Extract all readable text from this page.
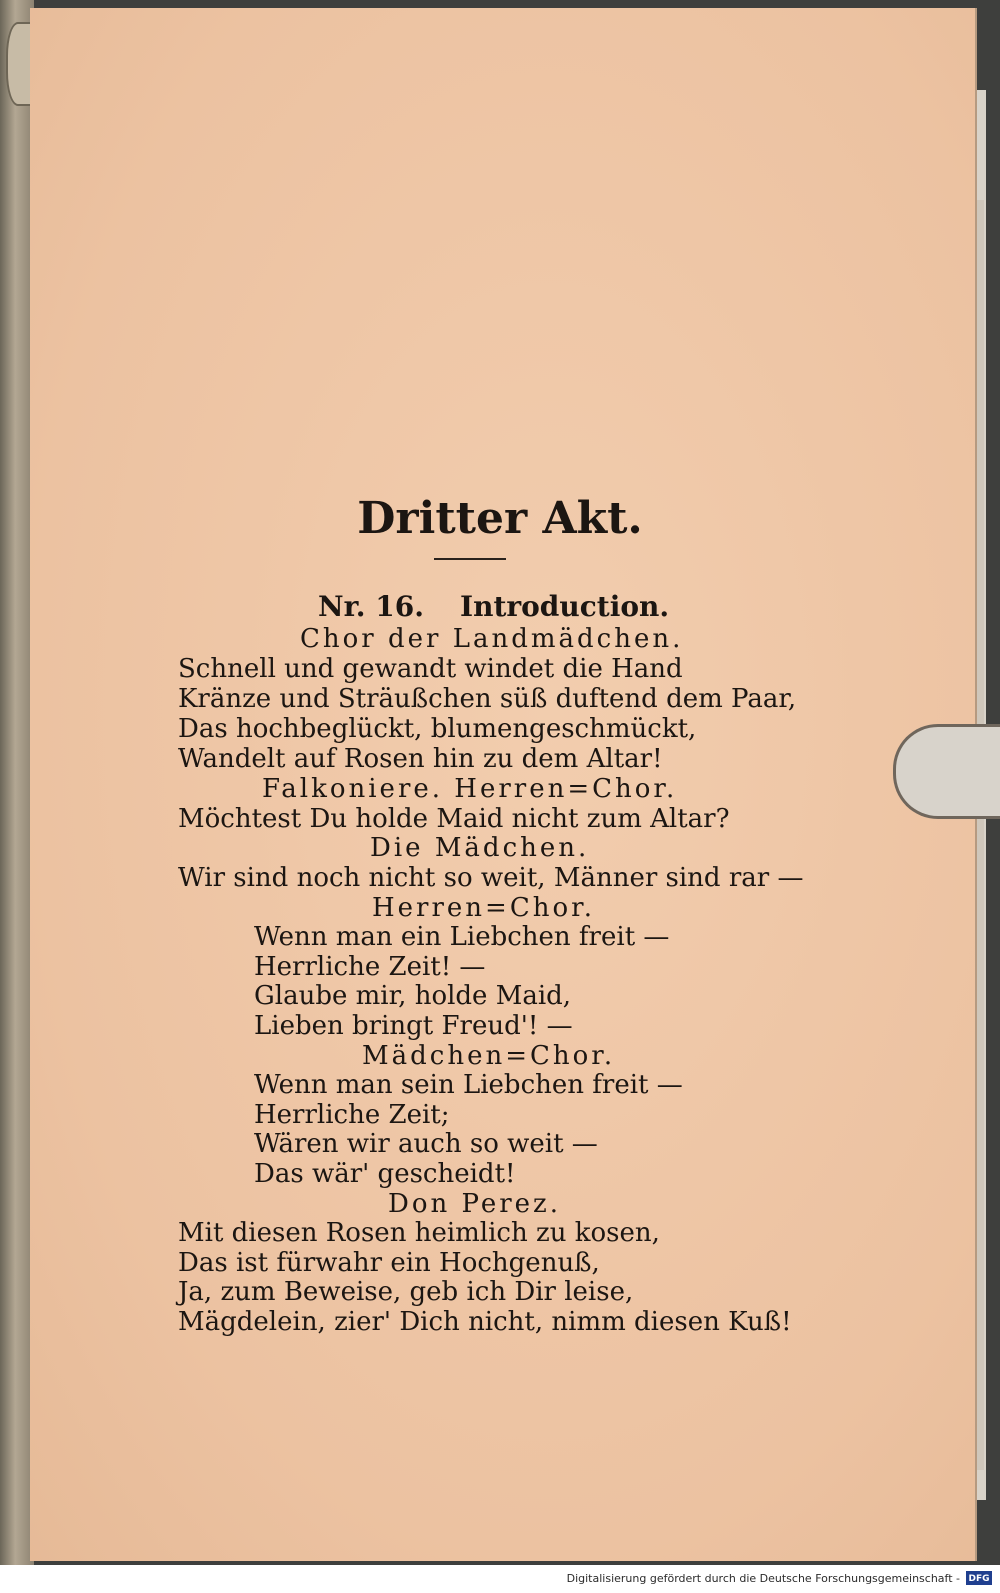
Dritter Akt.
Nr. 16. Introduction.
Chor der Landmädchen.
Schnell und gewandt windet die Hand
Kränze und Sträußchen süß duftend dem Paar,
Das hochbeglückt, blumengeschmückt,
Wandelt auf Rosen hin zu dem Altar!
Falkoniere. Herren=Chor.
Möchtest Du holde Maid nicht zum Altar?
Die Mädchen.
Wir sind noch nicht so weit, Männer sind rar —
Herren=Chor.
Wenn man ein Liebchen freit —
Herrliche Zeit! —
Glaube mir, holde Maid,
Lieben bringt Freud'! —
Mädchen=Chor.
Wenn man sein Liebchen freit —
Herrliche Zeit;
Wären wir auch so weit —
Das wär' gescheidt!
Don Perez.
Mit diesen Rosen heimlich zu kosen,
Das ist fürwahr ein Hochgenuß,
Ja, zum Beweise, geb ich Dir leise,
Mägdelein, zier' Dich nicht, nimm diesen Kuß!
Digitalisierung gefördert durch die Deutsche Forschungsgemeinschaft - DFG
